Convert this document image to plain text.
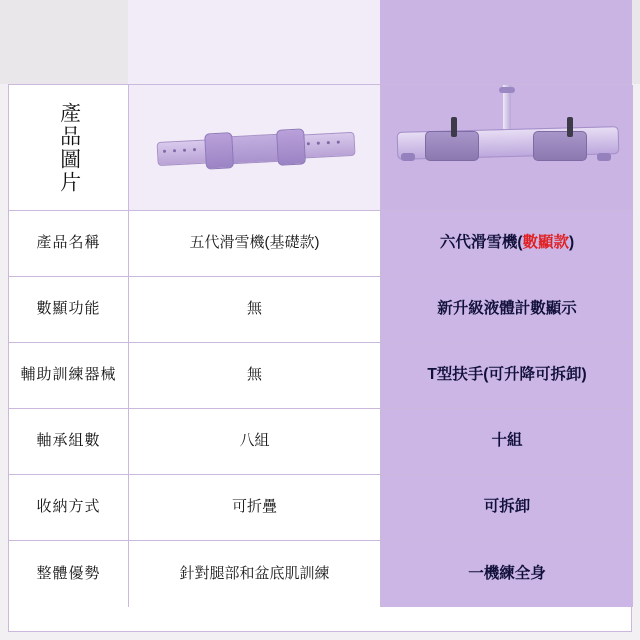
產品圖片
產品名稱	五代滑雪機(基礎款)	六代滑雪機 ( 數顯款 )
數顯功能	無	新升級液體計數顯示
輔助訓練器械	無	T型扶手(可升降可拆卸)
軸承組數	八組	十組
收納方式	可折疊	可拆卸
整體優勢	針對腿部和盆底肌訓練	一機練全身
